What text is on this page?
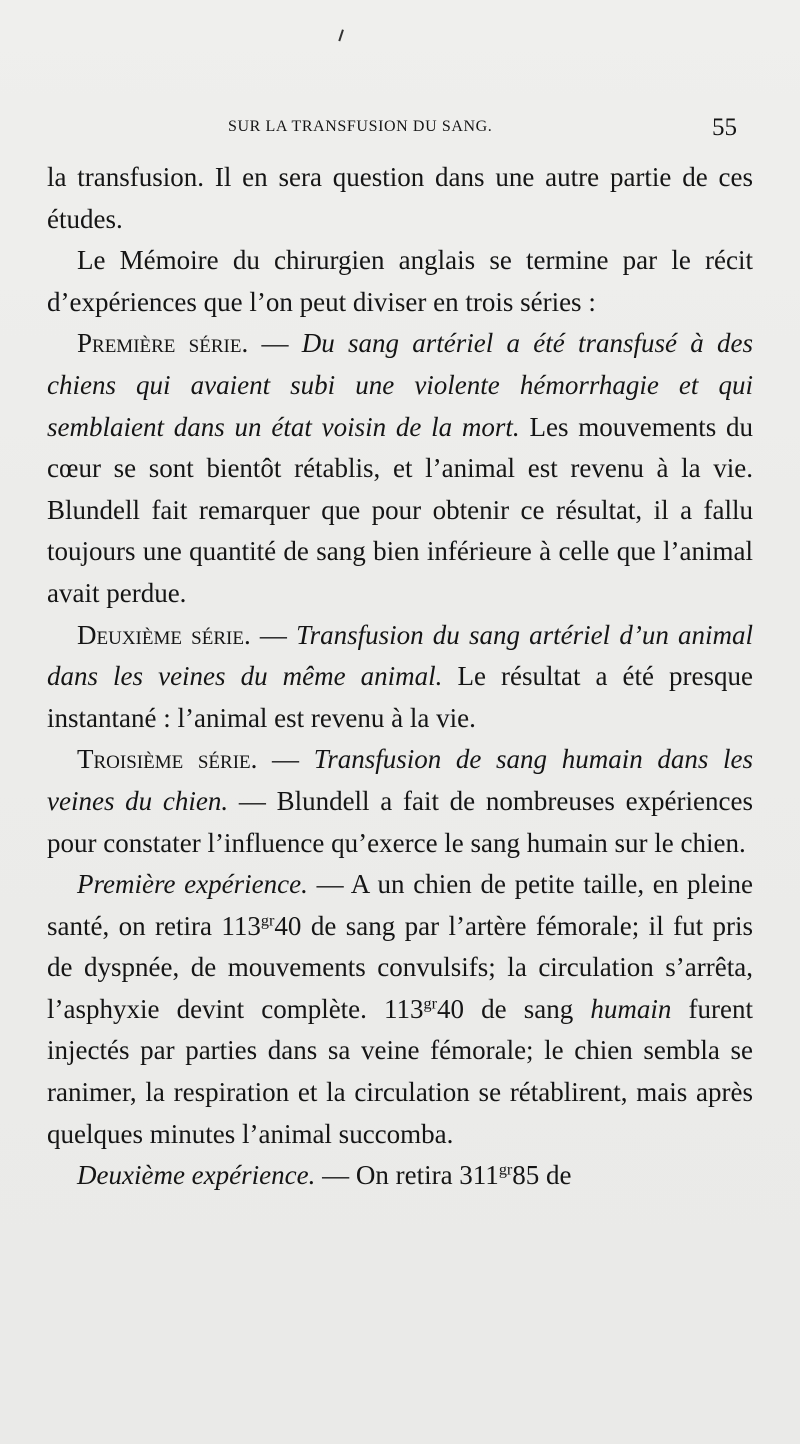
SUR LA TRANSFUSION DU SANG.	55

la transfusion. Il en sera question dans une autre partie de ces études.

Le Mémoire du chirurgien anglais se termine par le récit d’expériences que l’on peut diviser en trois séries :

Première série. — Du sang artériel a été transfusé à des chiens qui avaient subi une violente hémorrhagie et qui semblaient dans un état voisin de la mort. Les mouvements du cœur se sont bientôt rétablis, et l’animal est revenu à la vie. Blundell fait remarquer que pour obtenir ce résultat, il a fallu toujours une quantité de sang bien inférieure à celle que l’animal avait perdue.

Deuxième série. — Transfusion du sang artériel d’un animal dans les veines du même animal. Le résultat a été presque instantané : l’animal est revenu à la vie.

Troisième série. — Transfusion de sang humain dans les veines du chien. — Blundell a fait de nombreuses expériences pour constater l’influence qu’exerce le sang humain sur le chien.

Première expérience. — A un chien de petite taille, en pleine santé, on retira $113^{gr}40$ de sang par l’artère fémorale; il fut pris de dyspnée, de mouvements convulsifs; la circulation s’arrêta, l’asphyxie devint complète. $113^{gr}40$ de sang humain furent injectés par parties dans sa veine fémorale; le chien sembla se ranimer, la respiration et la circulation se rétablirent, mais après quelques minutes l’animal succomba.

Deuxième expérience. — On retira $311^{gr}85$ de
